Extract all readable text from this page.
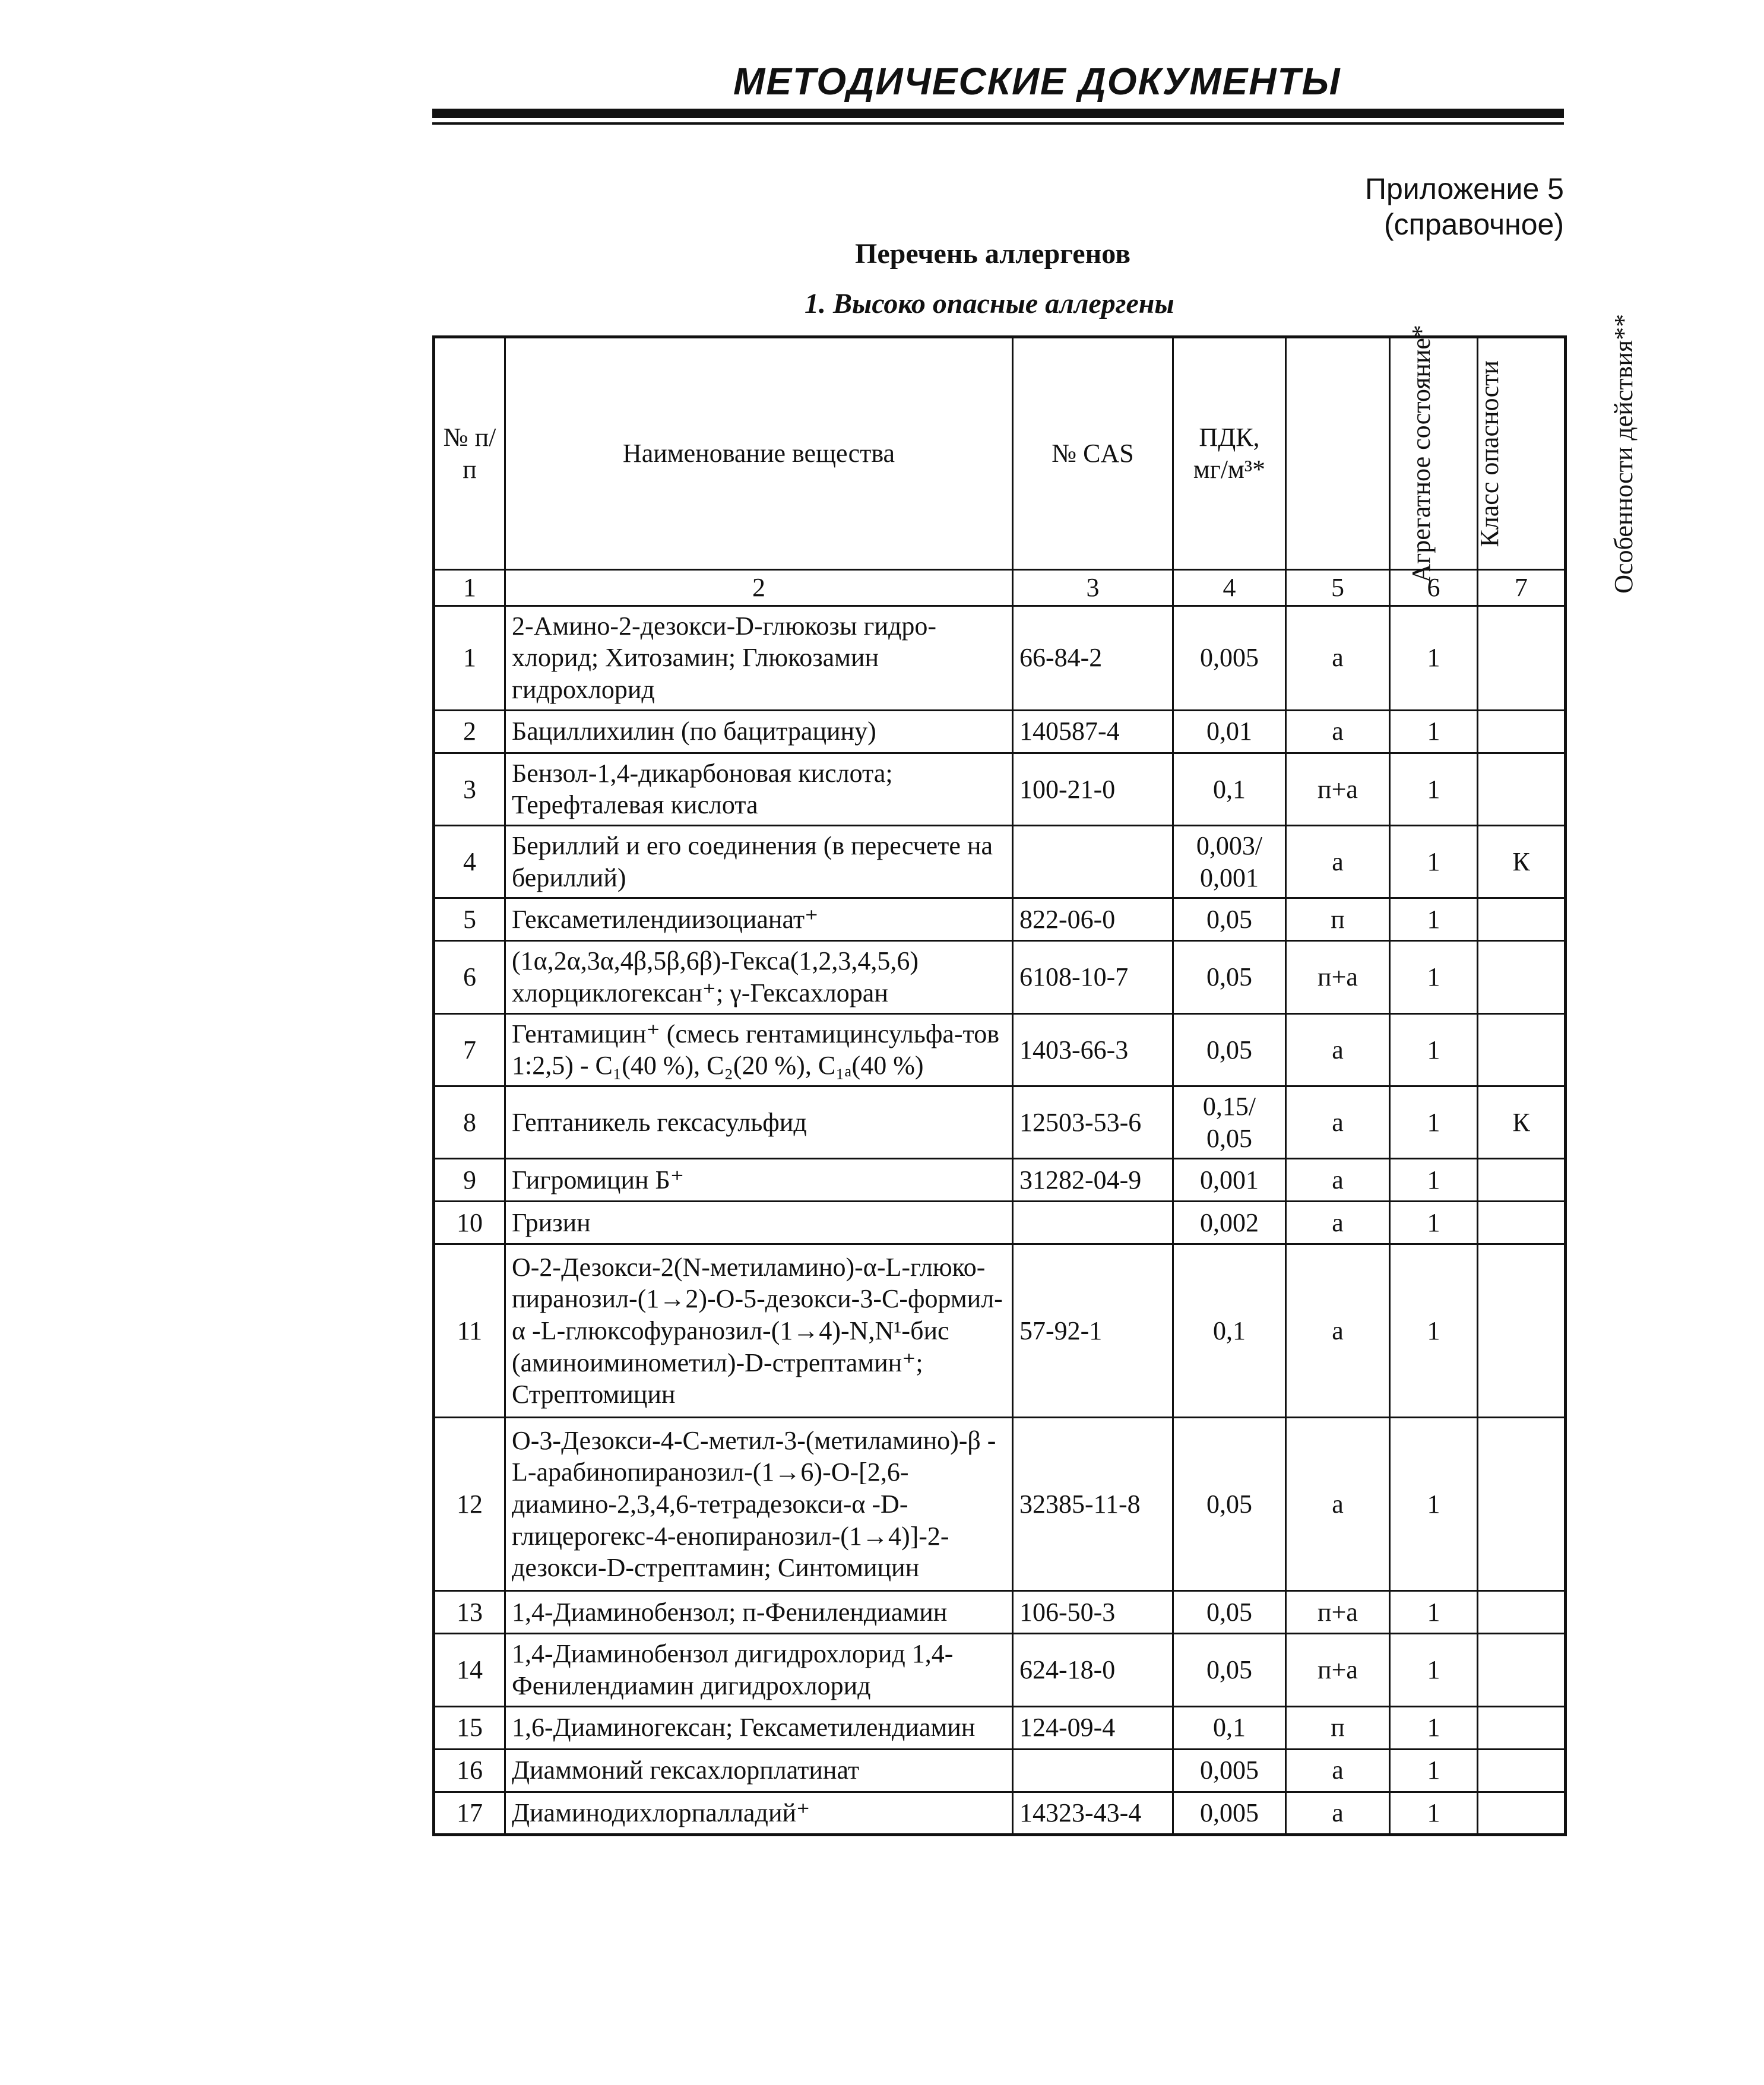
МЕТОДИЧЕСКИЕ ДОКУМЕНТЫ
Приложение 5
(справочное)
Перечень аллергенов
1. Высоко опасные аллергены
№ п/п	Наименование вещества	№ CAS	ПДК, мг/м³*	Агрегатное состояние*	Класс опасности	Особенности действия**
1	2	3	4	5	6	7
1	2-Амино-2-дезокси-D-глюкозы гидро-хлорид; Хитозамин; Глюкозамин гидрохлорид	66-84-2	0,005	а	1	
2	Бациллихилин (по бацитрацину)	140587-4	0,01	а	1	
3	Бензол-1,4-дикарбоновая кислота; Терефталевая кислота	100-21-0	0,1	п+а	1	
4	Бериллий и его соединения (в пересчете на бериллий)		0,003/ 0,001	а	1	К
5	Гексаметилендиизоцианат⁺	822-06-0	0,05	п	1	
6	(1α,2α,3α,4β,5β,6β)-Гекса(1,2,3,4,5,6) хлорциклогексан⁺; γ-Гексахлоран	6108-10-7	0,05	п+а	1	
7	Гентамицин⁺ (смесь гентамицинсульфа-тов 1:2,5) - C₁(40 %), C₂(20 %), C₁ₐ(40 %)	1403-66-3	0,05	а	1	
8	Гептаникель гексасульфид	12503-53-6	0,15/ 0,05	а	1	К
9	Гигромицин Б⁺	31282-04-9	0,001	а	1	
10	Гризин		0,002	а	1	
11	O-2-Дезокси-2(N-метиламино)-α-L-глюко-пиранозил-(1→2)-O-5-дезокси-3-C-формил-α -L-глюксофуранозил-(1→4)-N,N¹-бис (аминоиминометил)-D-стрептамин⁺; Стрептомицин	57-92-1	0,1	а	1	
12	O-3-Дезокси-4-C-метил-3-(метиламино)-β -L-арабинопиранозил-(1→6)-O-[2,6-диамино-2,3,4,6-тетрадезокси-α -D-глицерогекс-4-енопиранозил-(1→4)]-2-дезокси-D-стрептамин; Синтомицин	32385-11-8	0,05	а	1	
13	1,4-Диаминобензол; п-Фенилендиамин	106-50-3	0,05	п+а	1	
14	1,4-Диаминобензол дигидрохлорид 1,4-Фенилендиамин дигидрохлорид	624-18-0	0,05	п+а	1	
15	1,6-Диаминогексан; Гексаметилендиамин	124-09-4	0,1	п	1	
16	Диаммоний гексахлорплатинат		0,005	а	1	
17	Диаминодихлорпалладий⁺	14323-43-4	0,005	а	1	
